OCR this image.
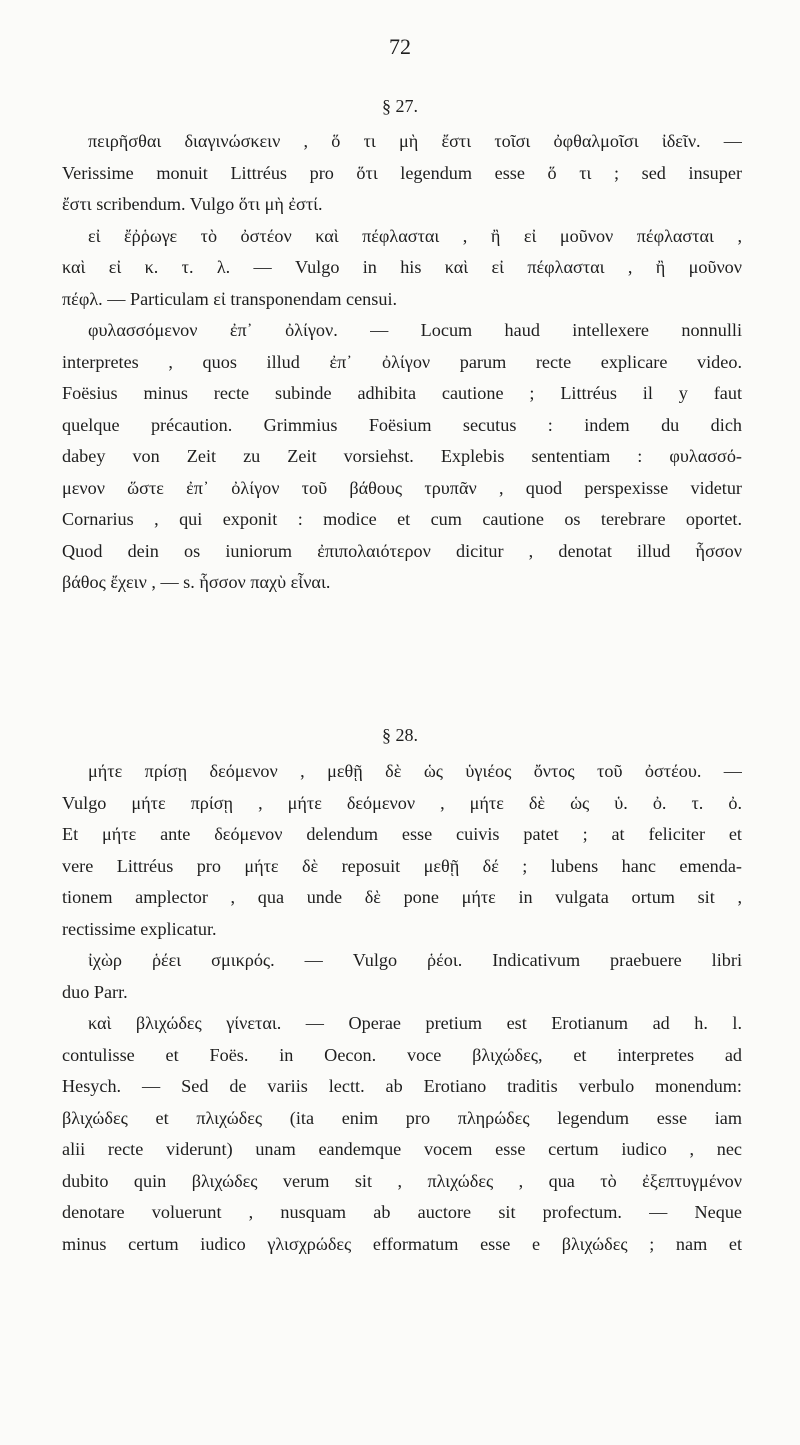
72
§ 27.
πειρῆσθαι διαγινώσκειν , ὅ τι μὴ ἔστι τοῖσι ὀφθαλμοῖσι ἰδεῖν. —
Verissime monuit Littréus pro ὅτι legendum esse ὅ τι ; sed insuper
ἔστι scribendum. Vulgo ὅτι μὴ ἐστί.
εἰ ἔῤῥωγε τὸ ὀστέον καὶ πέφλασται , ἢ εἰ μοῦνον πέφλασται ,
καὶ εἰ κ. τ. λ. — Vulgo in his καὶ εἰ πέφλασται , ἢ μοῦνον
πέφλ. — Particulam εἰ transponendam censui.
φυλασσόμενον ἐπ᾽ ὀλίγον. — Locum haud intellexere nonnulli
interpretes , quos illud ἐπ᾽ ὀλίγον parum recte explicare video.
Foësius minus recte subinde adhibita cautione ; Littréus il y faut
quelque précaution. Grimmius Foësium secutus : indem du dich
dabey von Zeit zu Zeit vorsiehst. Explebis sententiam : φυλασσό-
μενον ὥστε ἐπ᾽ ὀλίγον τοῦ βάθους τρυπᾶν , quod perspexisse videtur
Cornarius , qui exponit : modice et cum cautione os terebrare oportet.
Quod dein os iuniorum ἐπιπολαιότερον dicitur , denotat illud ἧσσον
βάθος ἔχειν , — s. ἧσσον παχὺ εἶναι.
§ 28.
μήτε πρίσῃ δεόμενον , μεθῇ δὲ ὡς ὑγιέος ὄντος τοῦ ὀστέου. —
Vulgo μήτε πρίσῃ , μήτε δεόμενον , μήτε δὲ ὡς ὑ. ὀ. τ. ὀ.
Et μήτε ante δεόμενον delendum esse cuivis patet ; at feliciter et
vere Littréus pro μήτε δὲ reposuit μεθῇ δέ ; lubens hanc emenda-
tionem amplector , qua unde δὲ pone μήτε in vulgata ortum sit ,
rectissime explicatur.
ἰχὼρ ῥέει σμικρός. — Vulgo ῥέοι. Indicativum praebuere libri
duo Parr.
καὶ βλιχώδες γίνεται. — Operae pretium est Erotianum ad h. l.
contulisse et Foës. in Oecon. voce βλιχώδες, et interpretes ad
Hesych. — Sed de variis lectt. ab Erotiano traditis verbulo monendum:
βλιχώδες et πλιχώδες (ita enim pro πληρώδες legendum esse iam
alii recte viderunt) unam eandemque vocem esse certum iudico , nec
dubito quin βλιχώδες verum sit , πλιχώδες , qua τὸ ἐξεπτυγμένον
denotare voluerunt , nusquam ab auctore sit profectum. — Neque
minus certum iudico γλισχρώδες efformatum esse e βλιχώδες ; nam et
